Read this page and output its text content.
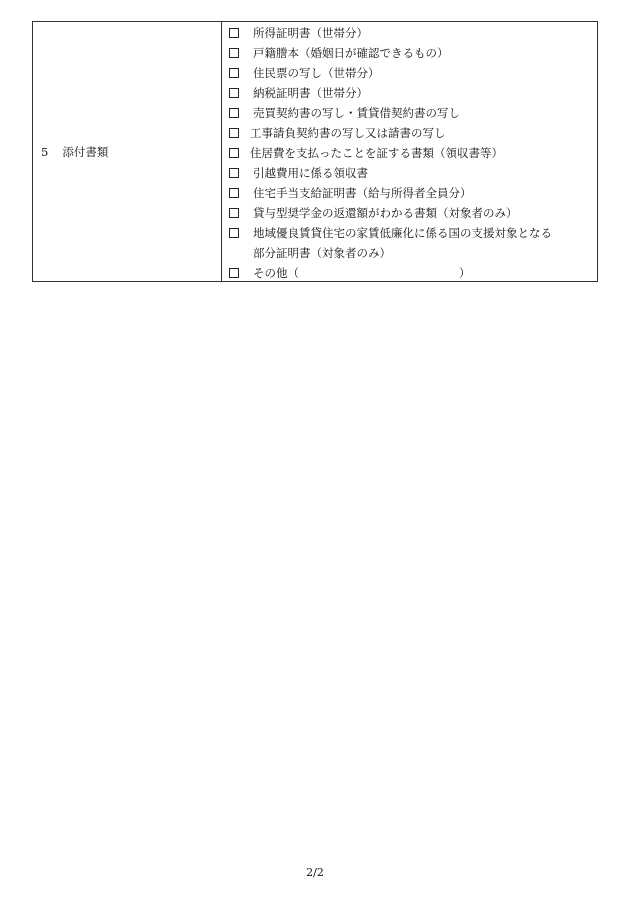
5 添付書類
所得証明書（世帯分）
戸籍謄本（婚姻日が確認できるもの）
住民票の写し（世帯分）
納税証明書（世帯分）
売買契約書の写し・賃貸借契約書の写し
工事請負契約書の写し又は請書の写し
住居費を支払ったことを証する書類（領収書等）
引越費用に係る領収書
住宅手当支給証明書（給与所得者全員分）
貸与型奨学金の返還額がわかる書類（対象者のみ）
地域優良賃貸住宅の家賃低廉化に係る国の支援対象となる
部分証明書（対象者のみ）
その他（	）
2/2
